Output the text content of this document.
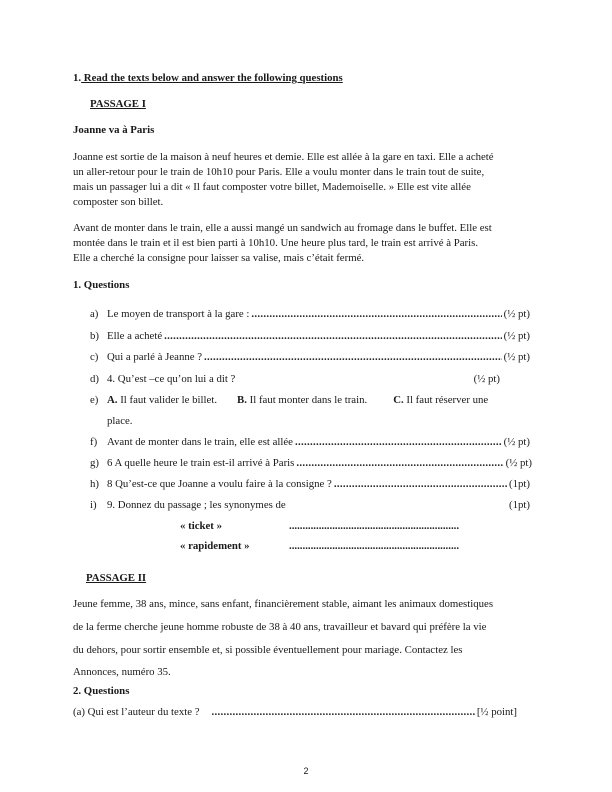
1. Read the texts below and answer the following questions
PASSAGE I
Joanne va à Paris
Joanne est sortie de la maison à neuf heures et demie. Elle est allée à la gare en taxi. Elle a acheté
un aller-retour pour le train de 10h10 pour Paris. Elle a voulu monter dans le train tout de suite,
mais un passager lui a dit « Il faut composter votre billet, Mademoiselle. » Elle est vite allée
composter son billet.
Avant de monter dans le train, elle a aussi mangé un sandwich au fromage dans le buffet. Elle est
montée dans le train et il est bien parti à 10h10. Une heure plus tard, le train est arrivé à Paris.
Elle a cherché la consigne pour laisser sa valise, mais c’était fermé.
1. Questions
a) Le moyen de transport à la gare : .....	(½ pt)
b) Elle a acheté .....	(½ pt)
c) Qui a parlé à Jeanne ? .....	(½ pt)
d) 4. Qu’est –ce qu’on lui a dit ?	(½ pt)
e) A. Il faut valider le billet. B. Il faut monter dans le train. C. Il faut réserver une
place.
f) Avant de monter dans le train, elle est allée .....	(½ pt)
g) 6 A quelle heure le train est-il arrivé à Paris .....	(½ pt)
h) 8 Qu’est-ce que Joanne a voulu faire à la consigne ? .....	(1pt)
i) 9. Donnez du passage ; les synonymes de	(1pt)
« ticket »
.....
« rapidement »
.....
PASSAGE II
Jeune femme, 38 ans, mince, sans enfant, financièrement stable, aimant les animaux domestiques
de la ferme cherche jeune homme robuste de 38 à 40 ans, travailleur et bavard qui préfère la vie
du dehors, pour sortir ensemble et, si possible éventuellement pour mariage. Contactez les
Annonces, numéro 35.
2. Questions
(a) Qui est l’auteur du texte ? .....	[½ point]
2
